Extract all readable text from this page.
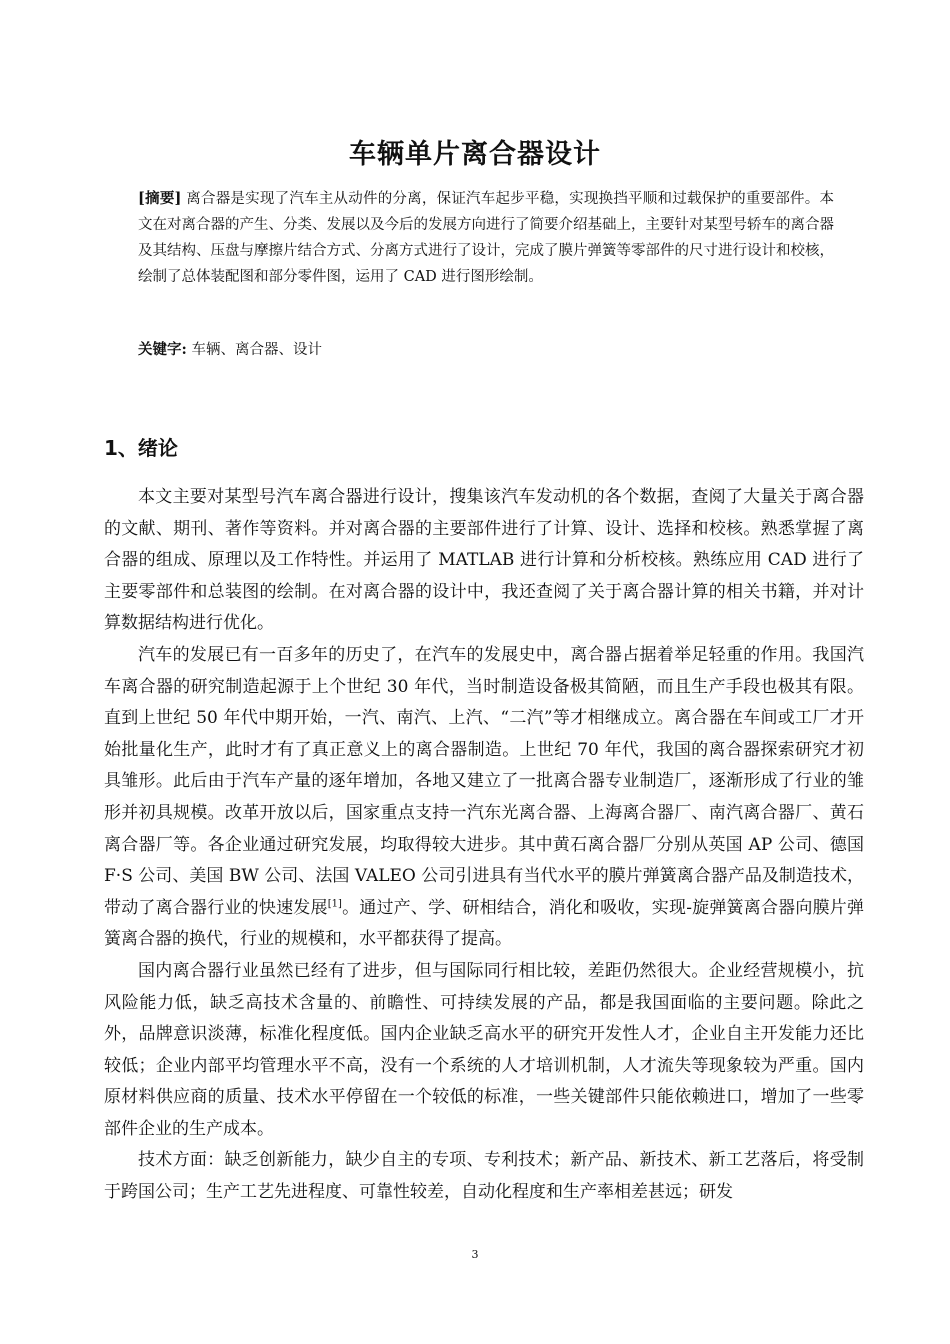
车辆单片离合器设计
[摘要] 离合器是实现了汽车主从动件的分离，保证汽车起步平稳，实现换挡平顺和过载保护的重要部件。本文在对离合器的产生、分类、发展以及今后的发展方向进行了简要介绍基础上，主要针对某型号轿车的离合器及其结构、压盘与摩擦片结合方式、分离方式进行了设计，完成了膜片弹簧等零部件的尺寸进行设计和校核，绘制了总体装配图和部分零件图，运用了 CAD 进行图形绘制。
关键字: 车辆、离合器、设计
1、绪论

本文主要对某型号汽车离合器进行设计，搜集该汽车发动机的各个数据，查阅了大量关于离合器的文献、期刊、著作等资料。并对离合器的主要部件进行了计算、设计、选择和校核。熟悉掌握了离合器的组成、原理以及工作特性。并运用了 MATLAB 进行计算和分析校核。熟练应用 CAD 进行了主要零部件和总装图的绘制。在对离合器的设计中，我还查阅了关于离合器计算的相关书籍，并对计算数据结构进行优化。

汽车的发展已有一百多年的历史了，在汽车的发展史中，离合器占据着举足轻重的作用。我国汽车离合器的研究制造起源于上个世纪 30 年代，当时制造设备极其简陋，而且生产手段也极其有限。直到上世纪 50 年代中期开始，一汽、南汽、上汽、“二汽”等才相继成立。离合器在车间或工厂才开始批量化生产，此时才有了真正意义上的离合器制造。上世纪 70 年代，我国的离合器探索研究才初具雏形。此后由于汽车产量的逐年增加，各地又建立了一批离合器专业制造厂，逐渐形成了行业的雏形并初具规模。改革开放以后，国家重点支持一汽东光离合器、上海离合器厂、南汽离合器厂、黄石离合器厂等。各企业通过研究发展，均取得较大进步。其中黄石离合器厂分别从英国 AP 公司、德国 F·S 公司、美国 BW 公司、法国 VALEO 公司引进具有当代水平的膜片弹簧离合器产品及制造技术，带动了离合器行业的快速发展[1]。通过产、学、研相结合，消化和吸收，实现-旋弹簧离合器向膜片弹簧离合器的换代，行业的规模和，水平都获得了提高。

国内离合器行业虽然已经有了进步，但与国际同行相比较，差距仍然很大。企业经营规模小，抗风险能力低，缺乏高技术含量的、前瞻性、可持续发展的产品，都是我国面临的主要问题。除此之外，品牌意识淡薄，标准化程度低。国内企业缺乏高水平的研究开发性人才，企业自主开发能力还比较低；企业内部平均管理水平不高，没有一个系统的人才培训机制，人才流失等现象较为严重。国内原材料供应商的质量、技术水平停留在一个较低的标准，一些关键部件只能依赖进口，增加了一些零部件企业的生产成本。

技术方面：缺乏创新能力，缺少自主的专项、专利技术；新产品、新技术、新工艺落后，将受制于跨国公司；生产工艺先进程度、可靠性较差，自动化程度和生产率相差甚远；研发

3
